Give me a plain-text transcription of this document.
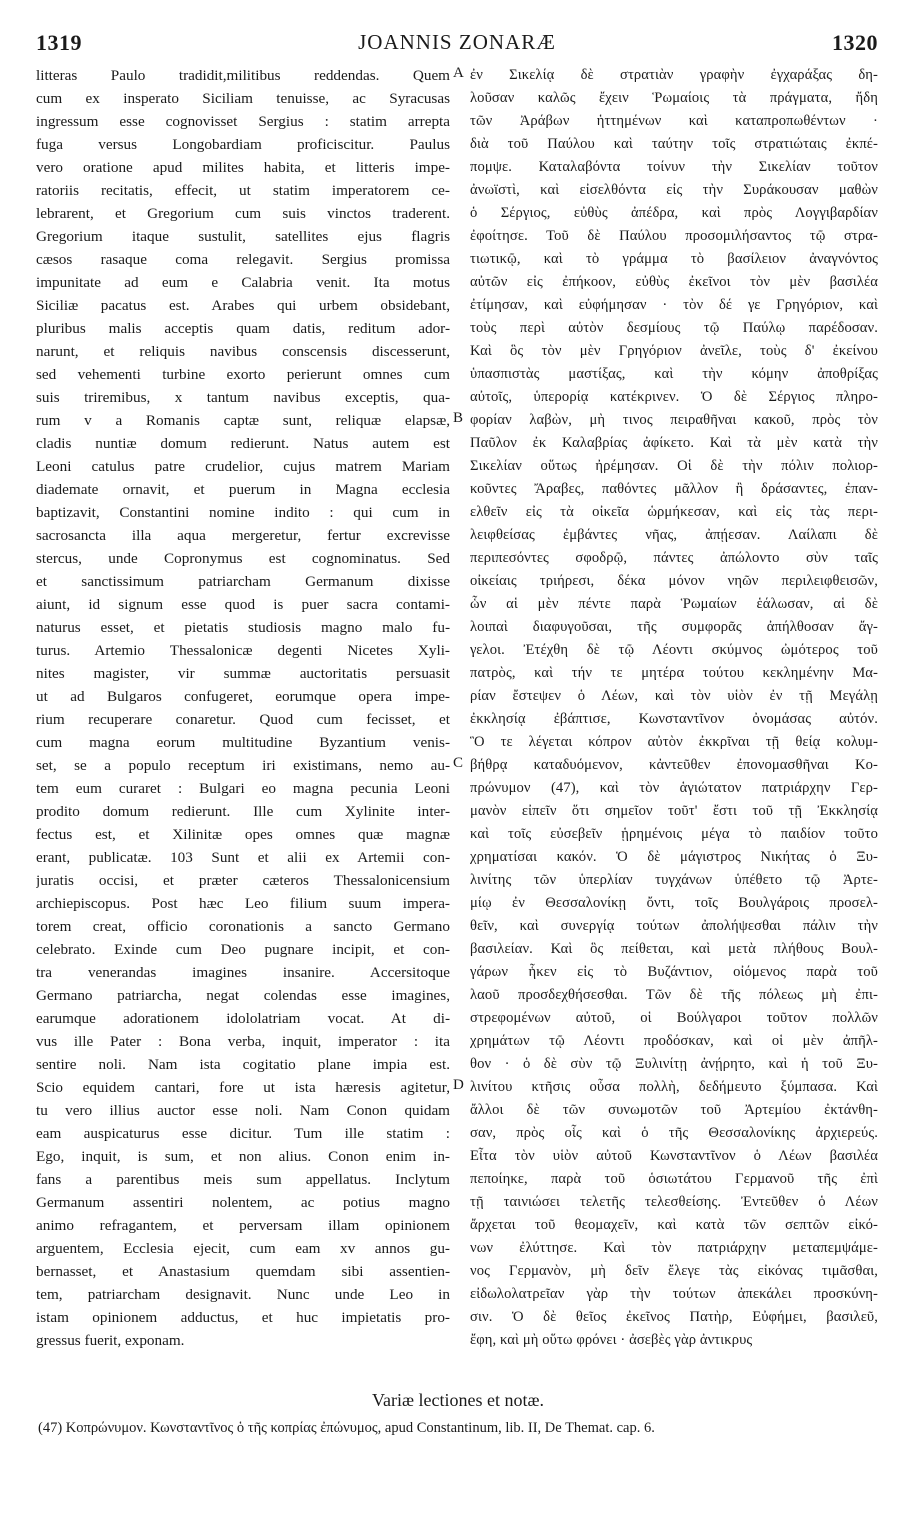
1319	JOANNIS ZONARÆ	1320
litteras Paulo tradidit,militibus reddendas. Quem
cum ex insperato Siciliam tenuisse, ac Syracusas
ingressum esse cognovisset Sergius : statim arrepta
fuga versus Longobardiam proficiscitur. Paulus
vero oratione apud milites habita, et litteris impe-
ratoriis recitatis, effecit, ut statim imperatorem ce-
lebrarent, et Gregorium cum suis vinctos traderent.
Gregorium itaque sustulit, satellites ejus flagris
cæsos rasaque coma relegavit. Sergius promissa
impunitate ad eum e Calabria venit. Ita motus
Siciliæ pacatus est. Arabes qui urbem obsidebant,
pluribus malis acceptis quam datis, reditum ador-
narunt, et reliquis navibus conscensis discesserunt,
sed vehementi turbine exorto perierunt omnes cum
suis triremibus, x tantum navibus exceptis, qua-
rum v a Romanis captæ sunt, reliquæ elapsæ,
cladis nuntiæ domum redierunt. Natus autem est
Leoni catulus patre crudelior, cujus matrem Mariam
diademate ornavit, et puerum in Magna ecclesia
baptizavit, Constantini nomine indito : qui cum in
sacrosancta illa aqua mergeretur, fertur excrevisse
stercus, unde Copronymus est cognominatus. Sed
et sanctissimum patriarcham Germanum dixisse
aiunt, id signum esse quod is puer sacra contami-
naturus esset, et pietatis studiosis magno malo fu-
turus. Artemio Thessalonicæ degenti Nicetes Xyli-
nites magister, vir summæ auctoritatis persuasit
ut ad Bulgaros confugeret, eorumque opera impe-
rium recuperare conaretur. Quod cum fecisset, et
cum magna eorum multitudine Byzantium venis-
set, se a populo receptum iri existimans, nemo au-
tem eum curaret : Bulgari eo magna pecunia Leoni
prodito domum redierunt. Ille cum Xylinite inter-
fectus est, et Xilinitæ opes omnes quæ magnæ
erant, publicatæ. 103 Sunt et alii ex Artemii con-
juratis occisi, et præter cæteros Thessalonicensium
archiepiscopus. Post hæc Leo filium suum impera-
torem creat, officio coronationis a sancto Germano
celebrato. Exinde cum Deo pugnare incipit, et con-
tra venerandas imagines insanire. Accersitoque
Germano patriarcha, negat colendas esse imagines,
earumque adorationem idololatriam vocat. At di-
vus ille Pater : Bona verba, inquit, imperator : ita
sentire noli. Nam ista cogitatio plane impia est.
Scio equidem cantari, fore ut ista hæresis agitetur,
tu vero illius auctor esse noli. Nam Conon quidam
eam auspicaturus esse dicitur. Tum ille statim :
Ego, inquit, is sum, et non alius. Conon enim in-
fans a parentibus meis sum appellatus. Inclytum
Germanum assentiri nolentem, ac potius magno
animo refragantem, et perversam illam opinionem
arguentem, Ecclesia ejecit, cum eam xv annos gu-
bernasset, et Anastasium quemdam sibi assentien-
tem, patriarcham designavit. Nunc unde Leo in
istam opinionem adductus, et huc impietatis pro-
gressus fuerit, exponam.
ἐν Σικελίᾳ δὲ στρατιὰν γραφὴν ἐγχαράξας δη-
λοῦσαν καλῶς ἔχειν Ῥωμαίοις τὰ πράγματα, ἤδη
τῶν Ἀράβων ἡττημένων καὶ καταπροπωθέντων ·
διὰ τοῦ Παύλου καὶ ταύτην τοῖς στρατιώταις ἐκπέ-
πομψε. Καταλαβόντα τοίνυν τὴν Σικελίαν τοῦτον
ἀνωϊστὶ, καὶ εἰσελθόντα εἰς τὴν Συράκουσαν μαθὼν
ὁ Σέργιος, εὐθὺς ἀπέδρα, καὶ πρὸς Λογγιβαρδίαν
ἐφοίτησε. Τοῦ δὲ Παύλου προσομιλήσαντος τῷ στρα-
τιωτικῷ, καὶ τὸ γράμμα τὸ βασίλειον ἀναγνόντος
αὐτῶν εἰς ἐπήκοον, εὐθὺς ἐκεῖνοι τὸν μὲν βασιλέα
ἐτίμησαν, καὶ εὐφήμησαν · τὸν δέ γε Γρηγόριον, καὶ
τοὺς περὶ αὐτὸν δεσμίους τῷ Παύλῳ παρέδοσαν.
Καὶ ὃς τὸν μὲν Γρηγόριον ἀνεῖλε, τοὺς δ' ἐκείνου
ὑπασπιστὰς μαστίξας, καὶ τὴν κόμην ἀποθρίξας
αὐτοῖς, ὑπερορίᾳ κατέκρινεν. Ὁ δὲ Σέργιος πληρο-
φορίαν λαβὼν, μὴ τινος πειραθῆναι κακοῦ, πρὸς τὸν
Παῦλον ἐκ Καλαβρίας ἀφίκετο. Καὶ τὰ μὲν κατὰ τὴν
Σικελίαν οὕτως ἠρέμησαν. Οἱ δὲ τὴν πόλιν πολιορ-
κοῦντες Ἄραβες, παθόντες μᾶλλον ἢ δράσαντες, ἐπαν-
ελθεῖν εἰς τὰ οἰκεῖα ὡρμήκεσαν, καὶ εἰς τὰς περι-
λειφθείσας ἐμβάντες νῆας, ἀπῄεσαν. Λαίλαπι δὲ
περιπεσόντες σφοδρῷ, πάντες ἀπώλοντο σὺν ταῖς
οἰκείαις τριήρεσι, δέκα μόνον νηῶν περιλειφθεισῶν,
ὧν αἱ μὲν πέντε παρὰ Ῥωμαίων ἑάλωσαν, αἱ δὲ
λοιπαὶ διαφυγοῦσαι, τῆς συμφορᾶς ἀπήλθοσαν ἄγ-
γελοι. Ἐτέχθη δὲ τῷ Λέοντι σκύμνος ὠμότερος τοῦ
πατρὸς, καὶ τήν τε μητέρα τούτου κεκλημένην Μα-
ρίαν ἔστεψεν ὁ Λέων, καὶ τὸν υἱὸν ἐν τῇ Μεγάλῃ
ἐκκλησίᾳ ἐβάπτισε, Κωνσταντῖνον ὀνομάσας αὐτόν.
Ὃ τε λέγεται κόπρον αὐτὸν ἐκκρῖναι τῇ θείᾳ κολυμ-
βήθρᾳ καταδυόμενον, κἀντεῦθεν ἐπονομασθῆναι Κο-
πρώνυμον (47), καὶ τὸν ἁγιώτατον πατριάρχην Γερ-
μανὸν εἰπεῖν ὅτι σημεῖον τοῦτ' ἔστι τοῦ τῇ Ἐκκλησίᾳ
καὶ τοῖς εὐσεβεῖν ᾑρημένοις μέγα τὸ παιδίον τοῦτο
χρηματίσαι κακόν. Ὁ δὲ μάγιστρος Νικήτας ὁ Ξυ-
λινίτης τῶν ὑπερλίαν τυγχάνων ὑπέθετο τῷ Ἀρτε-
μίῳ ἐν Θεσσαλονίκῃ ὄντι, τοῖς Βουλγάροις προσελ-
θεῖν, καὶ συνεργίᾳ τούτων ἀπολήψεσθαι πάλιν τὴν
βασιλείαν. Καὶ ὃς πείθεται, καὶ μετὰ πλήθους Βουλ-
γάρων ἧκεν εἰς τὸ Βυζάντιον, οἰόμενος παρὰ τοῦ
λαοῦ προσδεχθήσεσθαι. Τῶν δὲ τῆς πόλεως μὴ ἐπι-
στρεφομένων αὐτοῦ, οἱ Βούλγαροι τοῦτον πολλῶν
χρημάτων τῷ Λέοντι προδόσκαν, καὶ οἱ μὲν ἀπῆλ-
θον · ὁ δὲ σὺν τῷ Ξυλινίτῃ ἀνῄρητο, καὶ ἡ τοῦ Ξυ-
λινίτου κτῆσις οὖσα πολλὴ, δεδήμευτο ξύμπασα. Καὶ
ἄλλοι δὲ τῶν συνωμοτῶν τοῦ Ἀρτεμίου ἐκτάνθη-
σαν, πρὸς οἷς καὶ ὁ τῆς Θεσσαλονίκης ἀρχιερεύς.
Εἶτα τὸν υἱὸν αὐτοῦ Κωνσταντῖνον ὁ Λέων βασιλέα
πεποίηκε, παρὰ τοῦ ὁσιωτάτου Γερμανοῦ τῆς ἐπὶ
τῇ ταινιώσει τελετῆς τελεσθείσης. Ἐντεῦθεν ὁ Λέων
ἄρχεται τοῦ θεομαχεῖν, καὶ κατὰ τῶν σεπτῶν εἰκό-
νων ἐλύττησε. Καὶ τὸν πατριάρχην μεταπεμψάμε-
νος Γερμανὸν, μὴ δεῖν ἔλεγε τὰς εἰκόνας τιμᾶσθαι,
εἰδωλολατρεῖαν γὰρ τὴν τούτων ἀπεκάλει προσκύνη-
σιν. Ὁ δὲ θεῖος ἐκεῖνος Πατὴρ, Εὐφήμει, βασιλεῦ,
ἔφη, καὶ μὴ οὕτω φρόνει · ἀσεβὲς γὰρ ἀντικρυς
A
B
C
D
Variæ lectiones et notæ.
(47) Κοπρώνυμον. Κωνσταντῖνος ὁ τῆς κοπρίας ἐπώνυμος, apud Constantinum, lib. II, De Themat. cap. 6.
